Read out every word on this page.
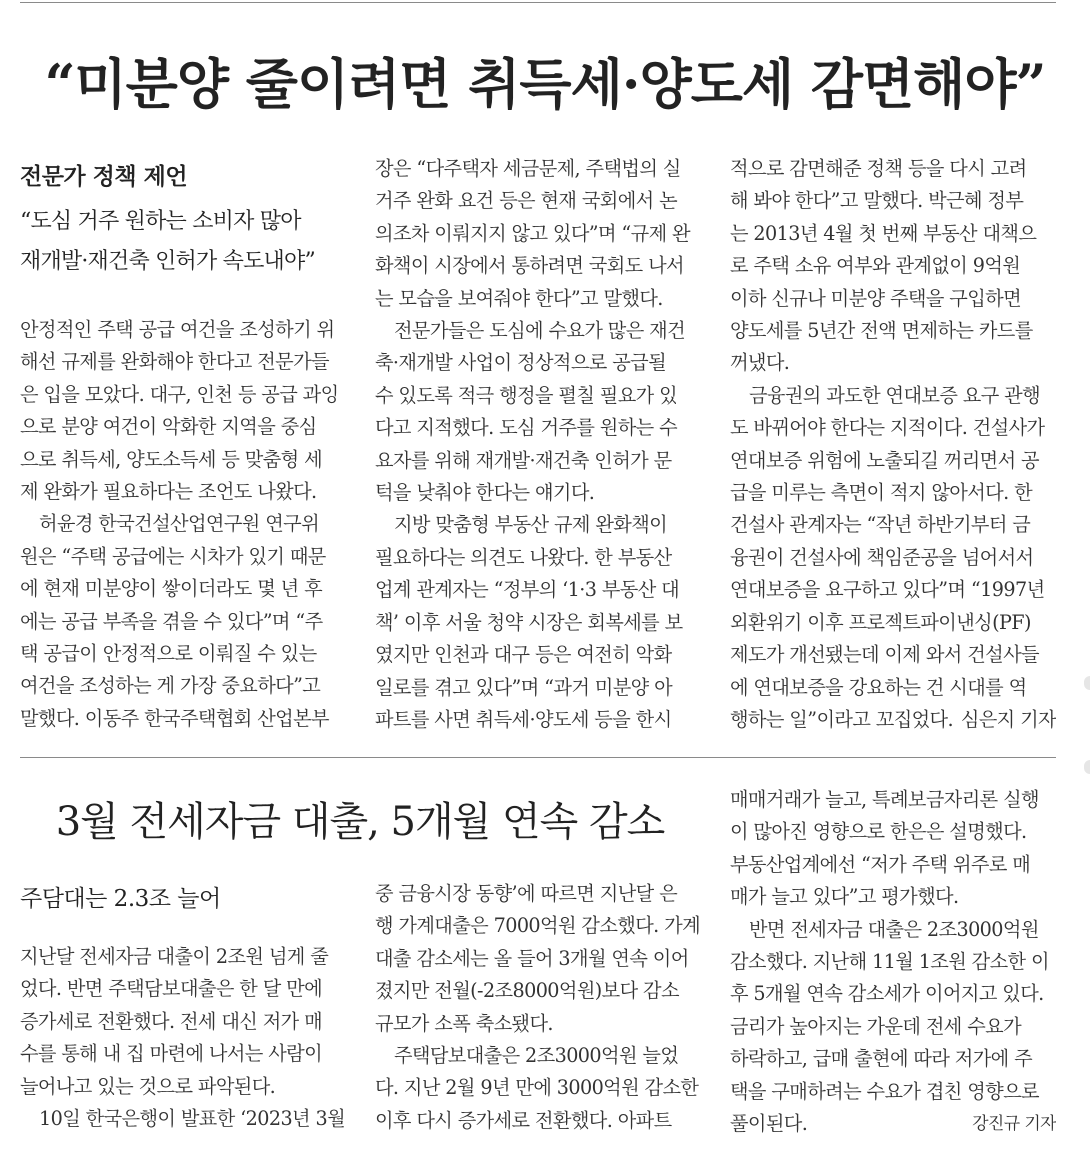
“미분양 줄이려면 취득세·양도세 감면해야”
전문가 정책 제언
“도심 거주 원하는 소비자 많아
재개발·재건축 인허가 속도내야”
안정적인 주택 공급 여건을 조성하기 위
해선 규제를 완화해야 한다고 전문가들
은 입을 모았다. 대구, 인천 등 공급 과잉
으로 분양 여건이 악화한 지역을 중심
으로 취득세, 양도소득세 등 맞춤형 세
제 완화가 필요하다는 조언도 나왔다.
허윤경 한국건설산업연구원 연구위
원은 “주택 공급에는 시차가 있기 때문
에 현재 미분양이 쌓이더라도 몇 년 후
에는 공급 부족을 겪을 수 있다”며 “주
택 공급이 안정적으로 이뤄질 수 있는
여건을 조성하는 게 가장 중요하다”고
말했다. 이동주 한국주택협회 산업본부
장은 “다주택자 세금문제, 주택법의 실
거주 완화 요건 등은 현재 국회에서 논
의조차 이뤄지지 않고 있다”며 “규제 완
화책이 시장에서 통하려면 국회도 나서
는 모습을 보여줘야 한다”고 말했다.
전문가들은 도심에 수요가 많은 재건
축·재개발 사업이 정상적으로 공급될
수 있도록 적극 행정을 펼칠 필요가 있
다고 지적했다. 도심 거주를 원하는 수
요자를 위해 재개발·재건축 인허가 문
턱을 낮춰야 한다는 얘기다.
지방 맞춤형 부동산 규제 완화책이
필요하다는 의견도 나왔다. 한 부동산
업계 관계자는 “정부의 ‘1·3 부동산 대
책’ 이후 서울 청약 시장은 회복세를 보
였지만 인천과 대구 등은 여전히 악화
일로를 겪고 있다”며 “과거 미분양 아
파트를 사면 취득세·양도세 등을 한시
적으로 감면해준 정책 등을 다시 고려
해 봐야 한다”고 말했다. 박근혜 정부
는 2013년 4월 첫 번째 부동산 대책으
로 주택 소유 여부와 관계없이 9억원
이하 신규나 미분양 주택을 구입하면
양도세를 5년간 전액 면제하는 카드를
꺼냈다.
금융권의 과도한 연대보증 요구 관행
도 바뀌어야 한다는 지적이다. 건설사가
연대보증 위험에 노출되길 꺼리면서 공
급을 미루는 측면이 적지 않아서다. 한
건설사 관계자는 “작년 하반기부터 금
융권이 건설사에 책임준공을 넘어서서
연대보증을 요구하고 있다”며 “1997년
외환위기 이후 프로젝트파이낸싱(PF)
제도가 개선됐는데 이제 와서 건설사들
에 연대보증을 강요하는 건 시대를 역
행하는 일”이라고 꼬집었다. 심은지 기자
3월 전세자금 대출, 5개월 연속 감소
주담대는 2.3조 늘어
지난달 전세자금 대출이 2조원 넘게 줄
었다. 반면 주택담보대출은 한 달 만에
증가세로 전환했다. 전세 대신 저가 매
수를 통해 내 집 마련에 나서는 사람이
늘어나고 있는 것으로 파악된다.
10일 한국은행이 발표한 ‘2023년 3월
중 금융시장 동향’에 따르면 지난달 은
행 가계대출은 7000억원 감소했다. 가계
대출 감소세는 올 들어 3개월 연속 이어
졌지만 전월(-2조8000억원)보다 감소
규모가 소폭 축소됐다.
주택담보대출은 2조3000억원 늘었
다. 지난 2월 9년 만에 3000억원 감소한
이후 다시 증가세로 전환했다. 아파트
매매거래가 늘고, 특례보금자리론 실행
이 많아진 영향으로 한은은 설명했다.
부동산업계에선 “저가 주택 위주로 매
매가 늘고 있다”고 평가했다.
반면 전세자금 대출은 2조3000억원
감소했다. 지난해 11월 1조원 감소한 이
후 5개월 연속 감소세가 이어지고 있다.
금리가 높아지는 가운데 전세 수요가
하락하고, 급매 출현에 따라 저가에 주
택을 구매하려는 수요가 겹친 영향으로
풀이된다.	강진규 기자
